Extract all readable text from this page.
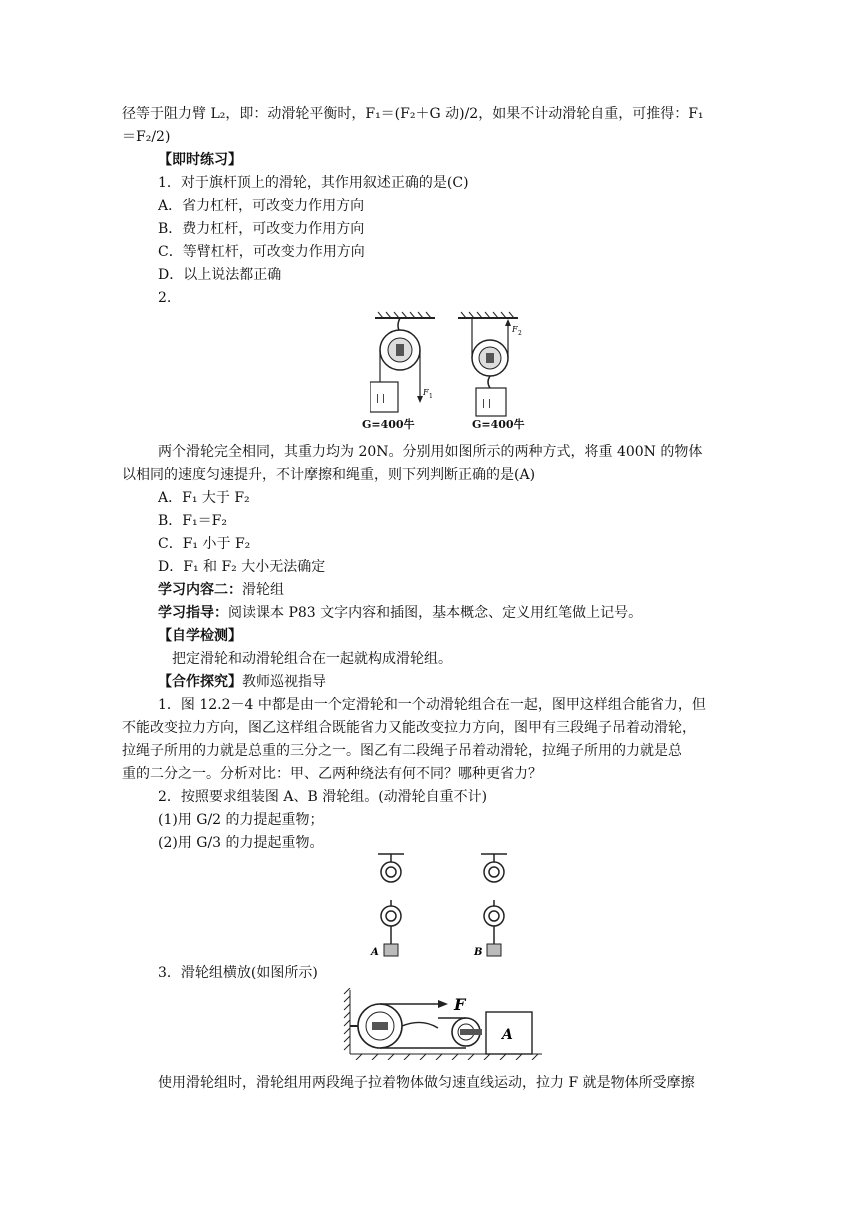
径等于阻力臂 L₂，即：动滑轮平衡时，F₁＝(F₂＋G 动)/2，如果不计动滑轮自重，可推得：F₁
＝F₂/2)
【即时练习】
1．对于旗杆顶上的滑轮，其作用叙述正确的是(C)
A．省力杠杆，可改变力作用方向
B．费力杠杆，可改变力作用方向
C．等臂杠杆，可改变力作用方向
D．以上说法都正确
2.
F 1
| |
F 2
| |
G=400牛	G=400牛
两个滑轮完全相同，其重力均为 20N。分别用如图所示的两种方式，将重 400N 的物体
以相同的速度匀速提升，不计摩擦和绳重，则下列判断正确的是(A)
A．F₁ 大于 F₂
B．F₁＝F₂
C．F₁ 小于 F₂
D．F₁ 和 F₂ 大小无法确定
学习内容二：滑轮组
学习指导：阅读课本 P83 文字内容和插图，基本概念、定义用红笔做上记号。
【自学检测】
把定滑轮和动滑轮组合在一起就构成滑轮组。
【合作探究】教师巡视指导
1．图 12.2－4 中都是由一个定滑轮和一个动滑轮组合在一起，图甲这样组合能省力，但
不能改变拉力方向，图乙这样组合既能省力又能改变拉力方向，图甲有三段绳子吊着动滑轮，
拉绳子所用的力就是总重的三分之一。图乙有二段绳子吊着动滑轮，拉绳子所用的力就是总
重的二分之一。分析对比：甲、乙两种绕法有何不同？哪种更省力？
2．按照要求组装图 A、B 滑轮组。(动滑轮自重不计)
(1)用 G/2 的力提起重物；
(2)用 G/3 的力提起重物。
A	B
3．滑轮组横放(如图所示)
F
A
使用滑轮组时，滑轮组用两段绳子拉着物体做匀速直线运动，拉力 F 就是物体所受摩擦
